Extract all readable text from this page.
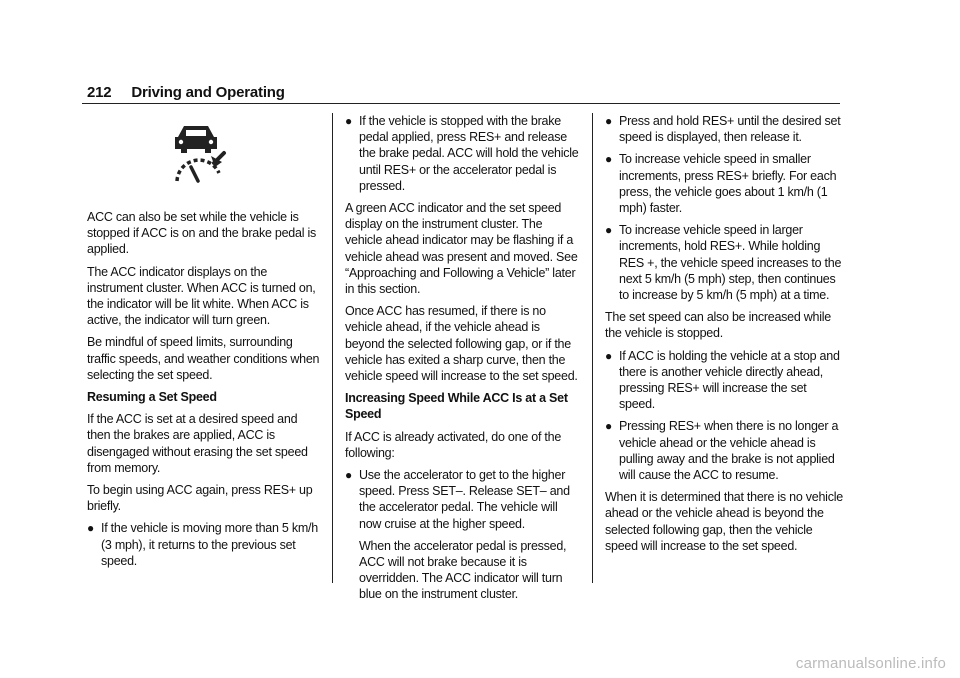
212 Driving and Operating

ACC can also be set while the vehicle is stopped if ACC is on and the brake pedal is applied.

The ACC indicator displays on the instrument cluster. When ACC is turned on, the indicator will be lit white. When ACC is active, the indicator will turn green.

Be mindful of speed limits, surrounding traffic speeds, and weather conditions when selecting the set speed.

Resuming a Set Speed

If the ACC is set at a desired speed and then the brakes are applied, ACC is disengaged without erasing the set speed from memory.

To begin using ACC again, press RES+ up briefly.

● If the vehicle is moving more than 5 km/h (3 mph), it returns to the previous set speed.
● If the vehicle is stopped with the brake pedal applied, press RES+ and release the brake pedal. ACC will hold the vehicle until RES+ or the accelerator pedal is pressed.

A green ACC indicator and the set speed display on the instrument cluster. The vehicle ahead indicator may be flashing if a vehicle ahead was present and moved. See “Approaching and Following a Vehicle” later in this section.

Once ACC has resumed, if there is no vehicle ahead, if the vehicle ahead is beyond the selected following gap, or if the vehicle has exited a sharp curve, then the vehicle speed will increase to the set speed.

Increasing Speed While ACC Is at a Set Speed

If ACC is already activated, do one of the following:

● Use the accelerator to get to the higher speed. Press SET–. Release SET– and the accelerator pedal. The vehicle will now cruise at the higher speed.

When the accelerator pedal is pressed, ACC will not brake because it is overridden. The ACC indicator will turn blue on the instrument cluster.

● Press and hold RES+ until the desired set speed is displayed, then release it.
● To increase vehicle speed in smaller increments, press RES+ briefly. For each press, the vehicle goes about 1 km/h (1 mph) faster.
● To increase vehicle speed in larger increments, hold RES+. While holding RES +, the vehicle speed increases to the next 5 km/h (5 mph) step, then continues to increase by 5 km/h (5 mph) at a time.

The set speed can also be increased while the vehicle is stopped.

● If ACC is holding the vehicle at a stop and there is another vehicle directly ahead, pressing RES+ will increase the set speed.
● Pressing RES+ when there is no longer a vehicle ahead or the vehicle ahead is pulling away and the brake is not applied will cause the ACC to resume.

When it is determined that there is no vehicle ahead or the vehicle ahead is beyond the selected following gap, then the vehicle speed will increase to the set speed.

carmanualsonline.info
